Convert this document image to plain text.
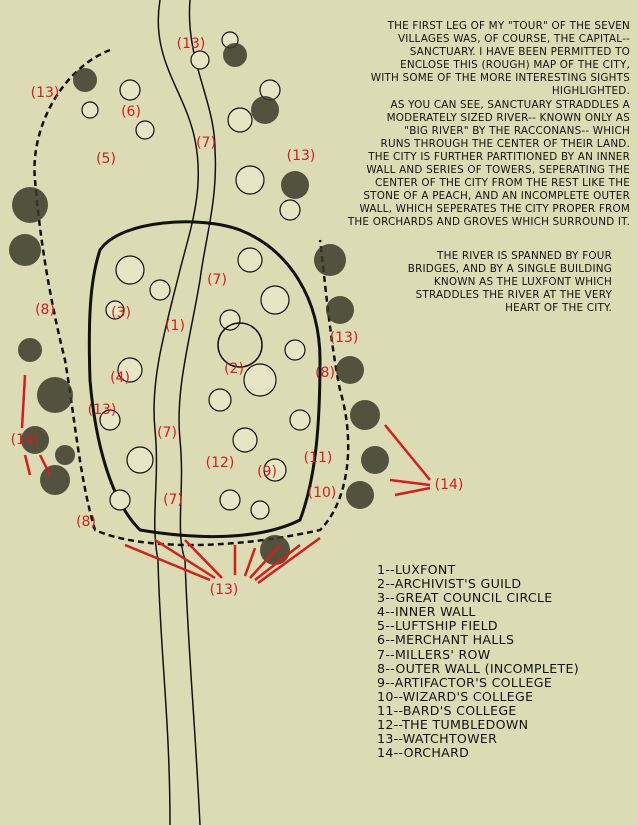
THE FIRST LEG OF MY "TOUR" OF THE SEVEN
VILLAGES WAS, OF COURSE, THE CAPITAL--
SANCTUARY. I HAVE BEEN PERMITTED TO
ENCLOSE THIS (ROUGH) MAP OF THE CITY,
WITH SOME OF THE MORE INTERESTING SIGHTS
HIGHLIGHTED.
AS YOU CAN SEE, SANCTUARY STRADDLES A
MODERATELY SIZED RIVER-- KNOWN ONLY AS
"BIG RIVER" BY THE RACCONANS-- WHICH
RUNS THROUGH THE CENTER OF THEIR LAND.
THE CITY IS FURTHER PARTITIONED BY AN INNER
WALL AND SERIES OF TOWERS, SEPERATING THE
CENTER OF THE CITY FROM THE REST LIKE THE
STONE OF A PEACH, AND AN INCOMPLETE OUTER
WALL, WHICH SEPERATES THE CITY PROPER FROM
THE ORCHARDS AND GROVES WHICH SURROUND IT.
THE RIVER IS SPANNED BY FOUR
BRIDGES, AND BY A SINGLE BUILDING
KNOWN AS THE LUXFONT WHICH
STRADDLES THE RIVER AT THE VERY
HEART OF THE CITY.
1--LUXFONT
2--ARCHIVIST'S GUILD
3--GREAT COUNCIL CIRCLE
4--INNER WALL
5--LUFTSHIP FIELD
6--MERCHANT HALLS
7--MILLERS' ROW
8--OUTER WALL (INCOMPLETE)
9--ARTIFACTOR'S COLLEGE
10--WIZARD'S COLLEGE
11--BARD'S COLLEGE
12--THE TUMBLEDOWN
13--WATCHTOWER
14--ORCHARD
(13)
(13)
(6)
(7)
(13)
(5)
(7)
(8)	(3)
(1)
(13)
(4)
(2)	(8)
(13)
(14)	(7)
(12)	(11)
(9)
(14)
(7)	(10)
(8)
(13)
